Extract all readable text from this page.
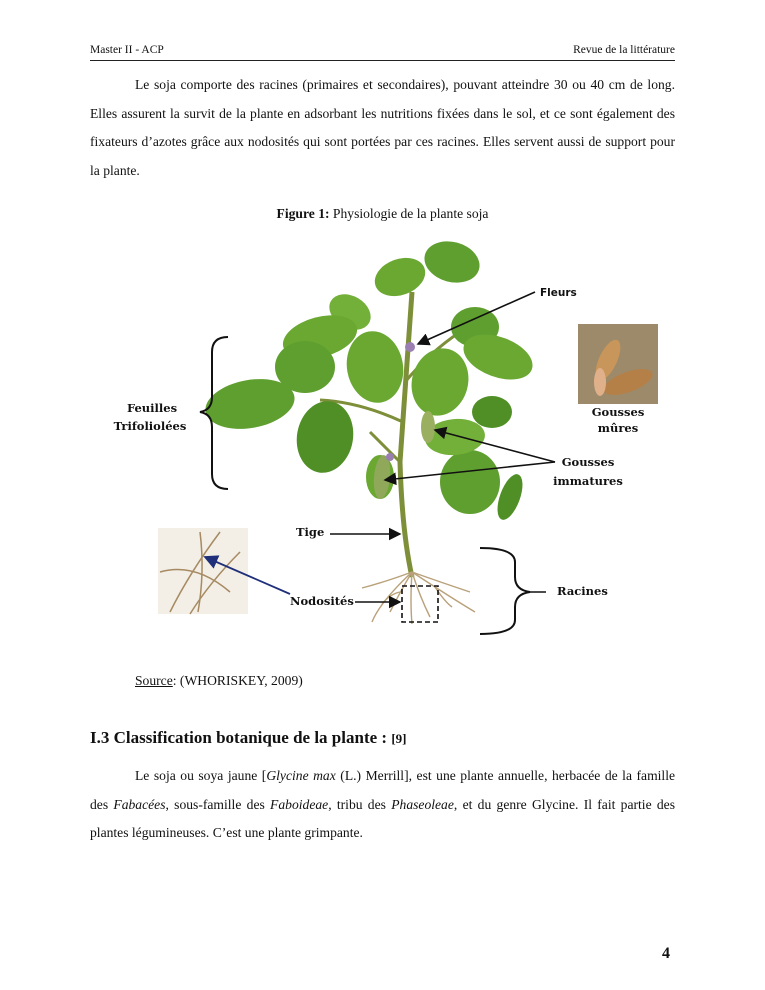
Master II - ACP	Revue de la littérature

Le soja comporte des racines (primaires et secondaires), pouvant atteindre 30 ou 40 cm de long. Elles assurent la survit de la plante en adsorbant les nutritions fixées dans le sol, et ce sont également des fixateurs d’azotes grâce aux nodosités qui sont portées par ces racines. Elles servent aussi de support pour la plante.

Figure 1: Physiologie de la plante soja
Fleurs
Feuilles
Trifoliolées
Gousses
mûres
Gousses
immatures
Tige
Nodosités
Racines
Source: (WHORISKEY, 2009)
I.3 Classification botanique de la plante : [9]

Le soja ou soya jaune [Glycine max (L.) Merrill], est une plante annuelle, herbacée de la famille des Fabacées, sous-famille des Faboideae, tribu des Phaseoleae, et du genre Glycine. Il fait partie des plantes légumineuses. C’est une plante grimpante.

4
